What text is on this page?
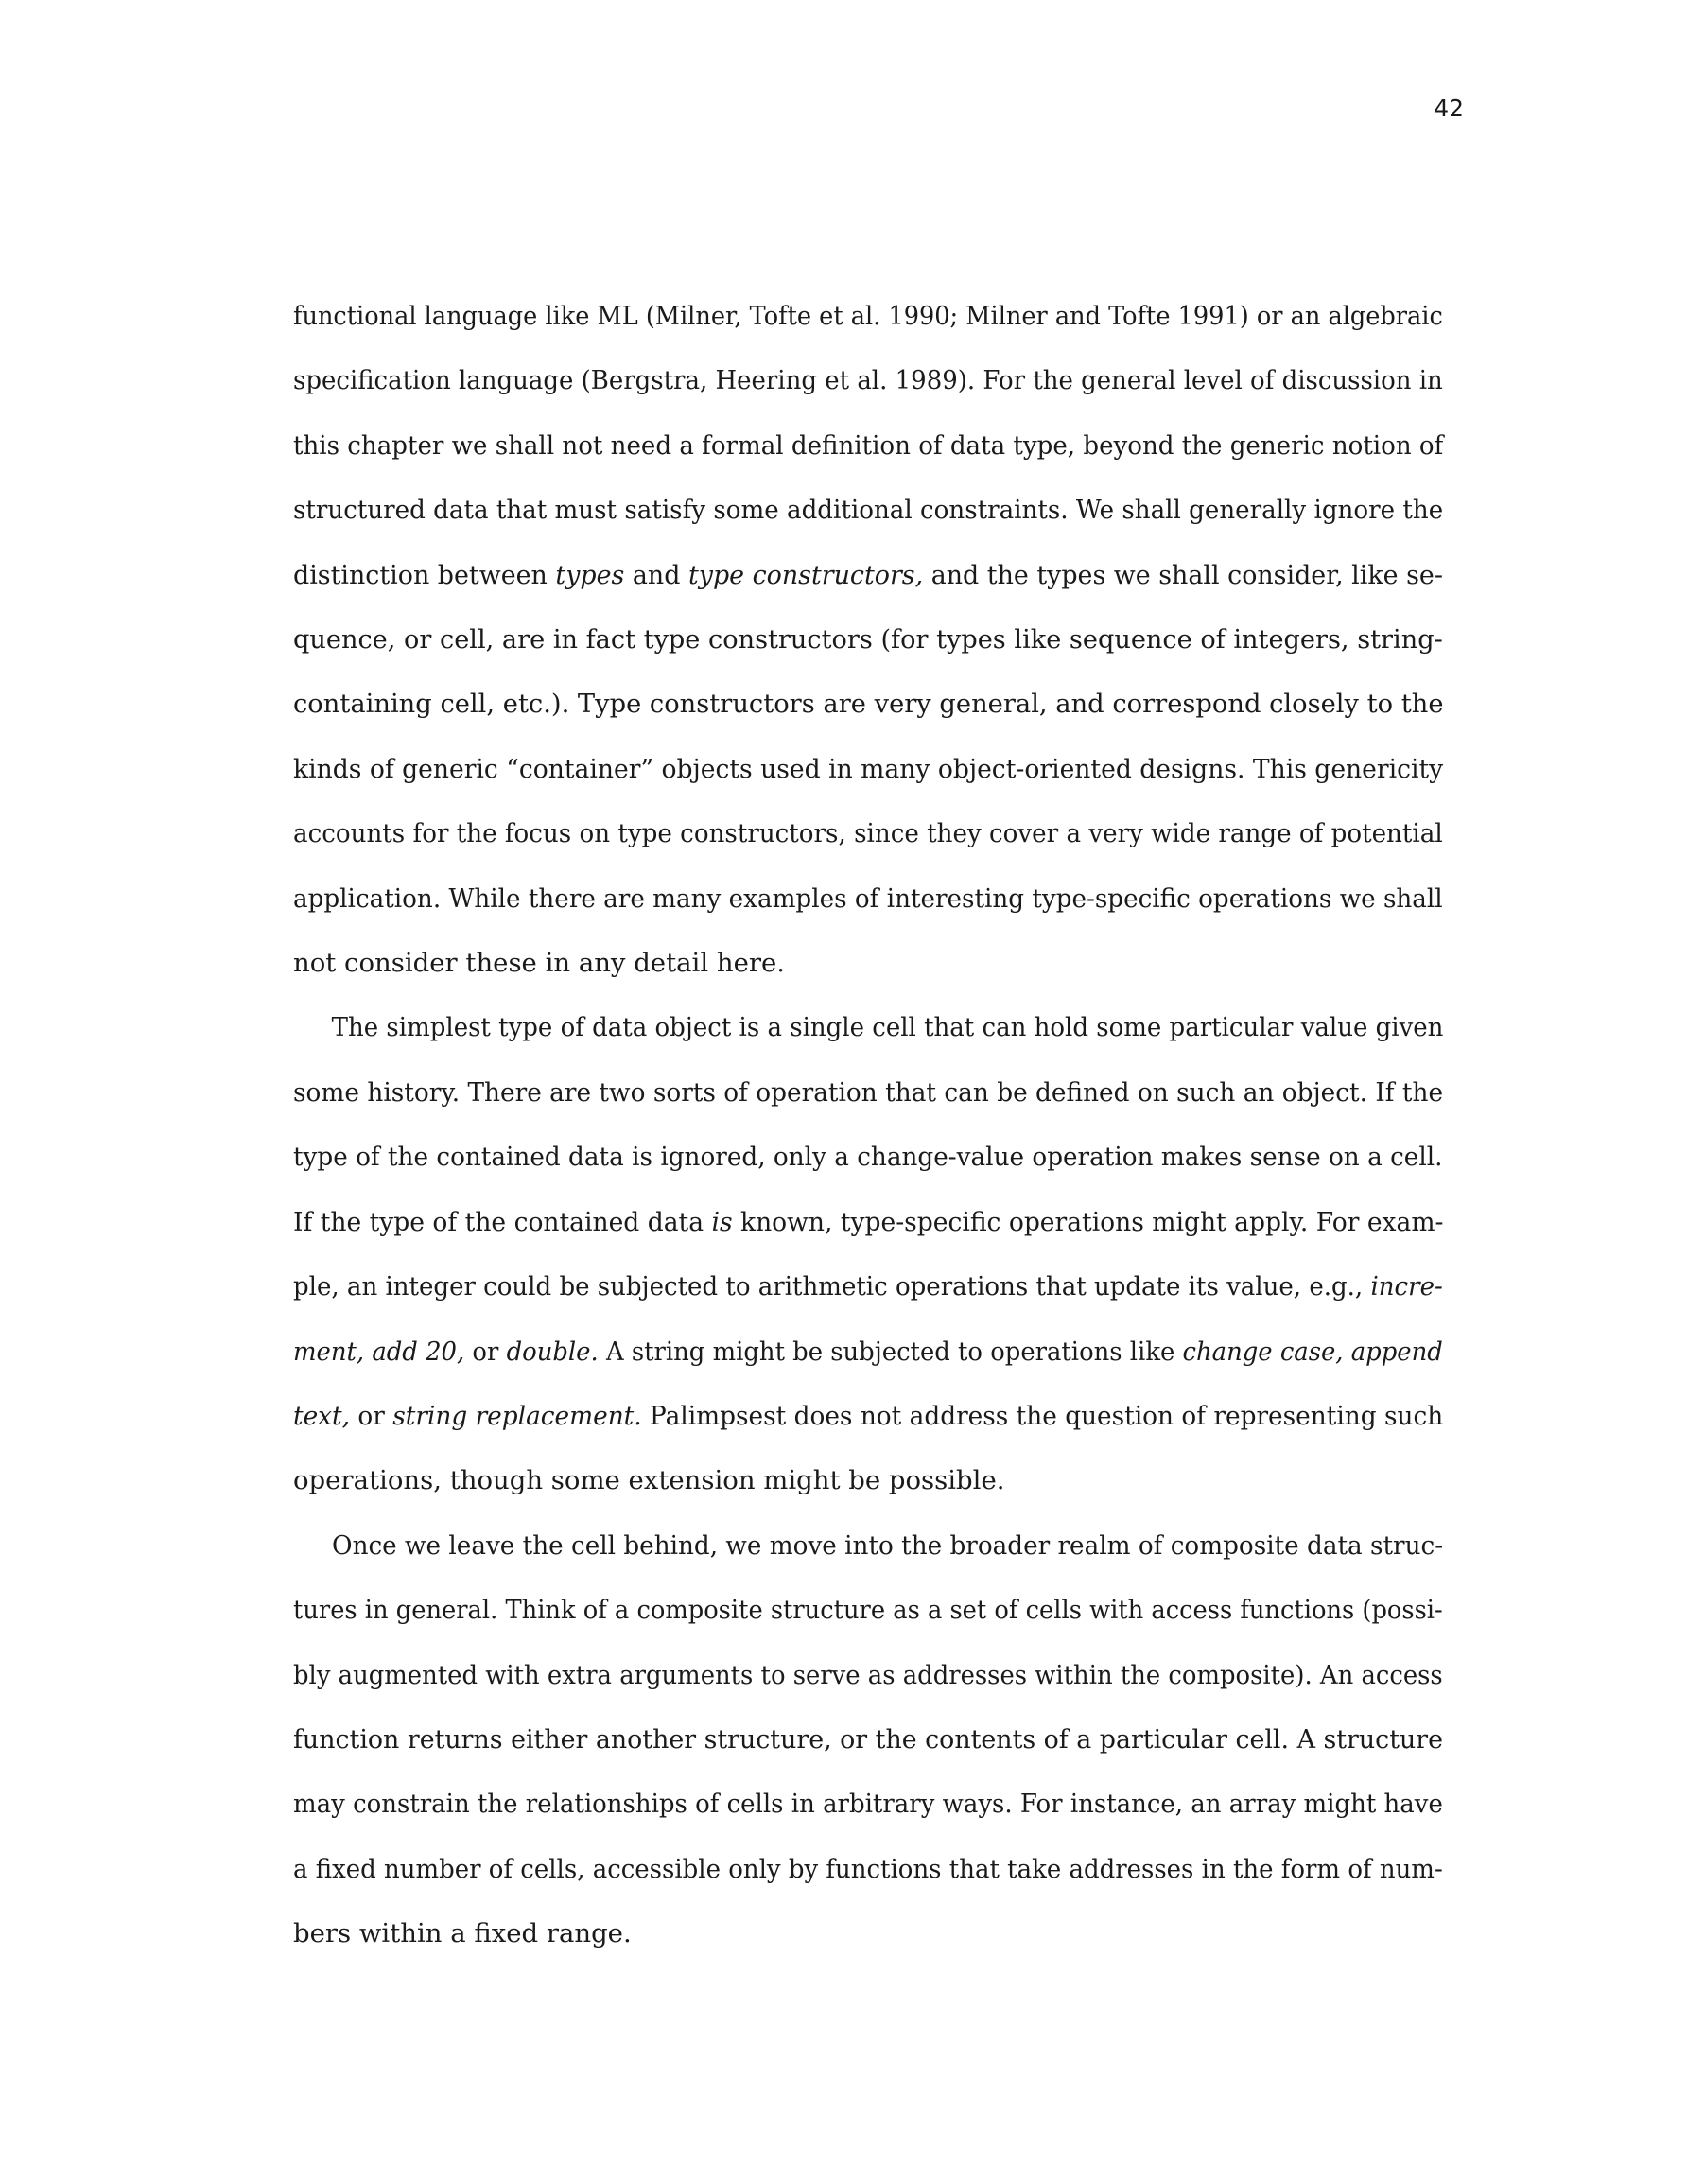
42
functional language like ML (Milner, Tofte et al. 1990; Milner and Tofte 1991) or an algebraic
specification language (Bergstra, Heering et al. 1989). For the general level of discussion in
this chapter we shall not need a formal definition of data type, beyond the generic notion of
structured data that must satisfy some additional constraints. We shall generally ignore the
distinction between types and type constructors, and the types we shall consider, like se-
quence, or cell, are in fact type constructors (for types like sequence of integers, string-
containing cell, etc.). Type constructors are very general, and correspond closely to the
kinds of generic “container” objects used in many object-oriented designs. This genericity
accounts for the focus on type constructors, since they cover a very wide range of potential
application. While there are many examples of interesting type-specific operations we shall
not consider these in any detail here.
The simplest type of data object is a single cell that can hold some particular value given
some history. There are two sorts of operation that can be defined on such an object. If the
type of the contained data is ignored, only a change-value operation makes sense on a cell.
If the type of the contained data is known, type-specific operations might apply. For exam-
ple, an integer could be subjected to arithmetic operations that update its value, e.g., incre-
ment, add 20, or double. A string might be subjected to operations like change case, append
text, or string replacement. Palimpsest does not address the question of representing such
operations, though some extension might be possible.
Once we leave the cell behind, we move into the broader realm of composite data struc-
tures in general. Think of a composite structure as a set of cells with access functions (possi-
bly augmented with extra arguments to serve as addresses within the composite). An access
function returns either another structure, or the contents of a particular cell. A structure
may constrain the relationships of cells in arbitrary ways. For instance, an array might have
a fixed number of cells, accessible only by functions that take addresses in the form of num-
bers within a fixed range.
